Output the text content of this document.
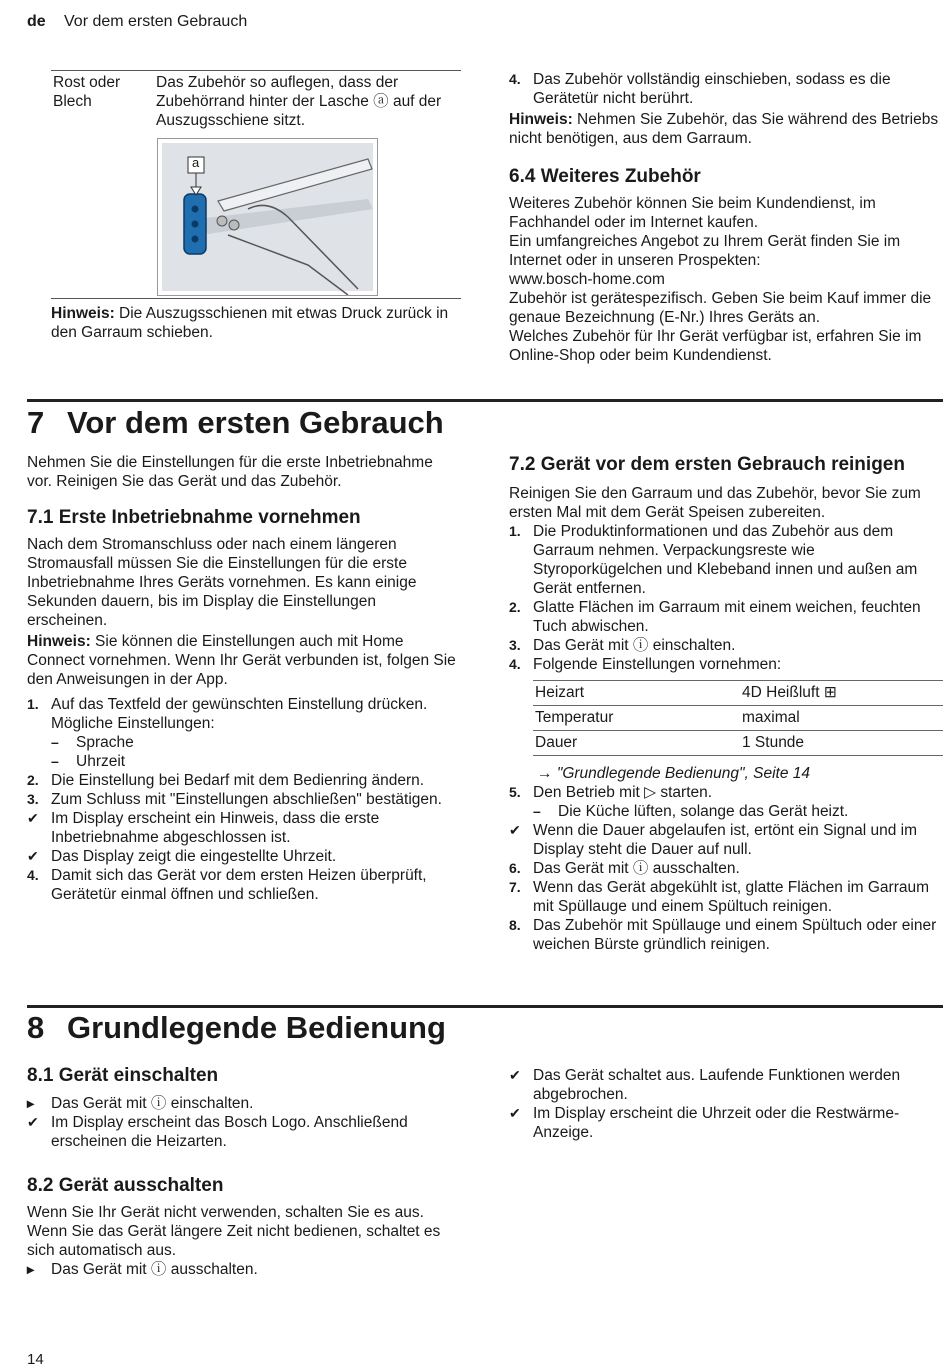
de Vor dem ersten Gebrauch
Rost oder Blech
Das Zubehör so auflegen, dass der Zubehörrand hinter der Lasche ⓐ auf der Auszugsschiene sitzt.
a
Hinweis: Die Auszugsschienen mit etwas Druck zurück in den Garraum schieben.
4. Das Zubehör vollständig einschieben, sodass es die Gerätetür nicht berührt.

Hinweis: Nehmen Sie Zubehör, das Sie während des Betriebs nicht benötigen, aus dem Garraum.

6.4 Weiteres Zubehör

Weiteres Zubehör können Sie beim Kundendienst, im Fachhandel oder im Internet kaufen.

Ein umfangreiches Angebot zu Ihrem Gerät finden Sie im Internet oder in unseren Prospekten:

www.bosch-home.com

Zubehör ist gerätespezifisch. Geben Sie beim Kauf immer die genaue Bezeichnung (E-Nr.) Ihres Geräts an.

Welches Zubehör für Ihr Gerät verfügbar ist, erfahren Sie im Online-Shop oder beim Kundendienst.

7 Vor dem ersten Gebrauch

Nehmen Sie die Einstellungen für die erste Inbetriebnahme vor. Reinigen Sie das Gerät und das Zubehör.

7.1 Erste Inbetriebnahme vornehmen

Nach dem Stromanschluss oder nach einem längeren Stromausfall müssen Sie die Einstellungen für die erste Inbetriebnahme Ihres Geräts vornehmen. Es kann einige Sekunden dauern, bis im Display die Einstellungen erscheinen.

Hinweis: Sie können die Einstellungen auch mit Home Connect vornehmen. Wenn Ihr Gerät verbunden ist, folgen Sie den Anweisungen in der App.

1. Auf das Textfeld der gewünschten Einstellung drücken.
Mögliche Einstellungen:
– Sprache
– Uhrzeit
2. Die Einstellung bei Bedarf mit dem Bedienring ändern.
3. Zum Schluss mit "Einstellungen abschließen" bestätigen.
✔ Im Display erscheint ein Hinweis, dass die erste Inbetriebnahme abgeschlossen ist.
✔ Das Display zeigt die eingestellte Uhrzeit.
4. Damit sich das Gerät vor dem ersten Heizen überprüft, Gerätetür einmal öffnen und schließen.
7.2 Gerät vor dem ersten Gebrauch reinigen

Reinigen Sie den Garraum und das Zubehör, bevor Sie zum ersten Mal mit dem Gerät Speisen zubereiten.

1. Die Produktinformationen und das Zubehör aus dem Garraum nehmen. Verpackungsreste wie Styroporkügelchen und Klebeband innen und außen am Gerät entfernen.
2. Glatte Flächen im Garraum mit einem weichen, feuchten Tuch abwischen.
3. Das Gerät mit ⓘ einschalten.
4. Folgende Einstellungen vornehmen:
Heizart	4D Heißluft ⊞
Temperatur	maximal
Dauer	1 Stunde

→ "Grundlegende Bedienung", Seite 14

5. Den Betrieb mit ▷ starten.
– Die Küche lüften, solange das Gerät heizt.
✔ Wenn die Dauer abgelaufen ist, ertönt ein Signal und im Display steht die Dauer auf null.
6. Das Gerät mit ⓘ ausschalten.
7. Wenn das Gerät abgekühlt ist, glatte Flächen im Garraum mit Spüllauge und einem Spültuch reinigen.
8. Das Zubehör mit Spüllauge und einem Spültuch oder einer weichen Bürste gründlich reinigen.
8 Grundlegende Bedienung
8.1 Gerät einschalten
▸ Das Gerät mit ⓘ einschalten.
✔ Im Display erscheint das Bosch Logo. Anschließend erscheinen die Heizarten.
8.2 Gerät ausschalten

Wenn Sie Ihr Gerät nicht verwenden, schalten Sie es aus. Wenn Sie das Gerät längere Zeit nicht bedienen, schaltet es sich automatisch aus.

▸ Das Gerät mit ⓘ ausschalten.
✔ Das Gerät schaltet aus. Laufende Funktionen werden abgebrochen.
✔ Im Display erscheint die Uhrzeit oder die Restwärme-Anzeige.
14
